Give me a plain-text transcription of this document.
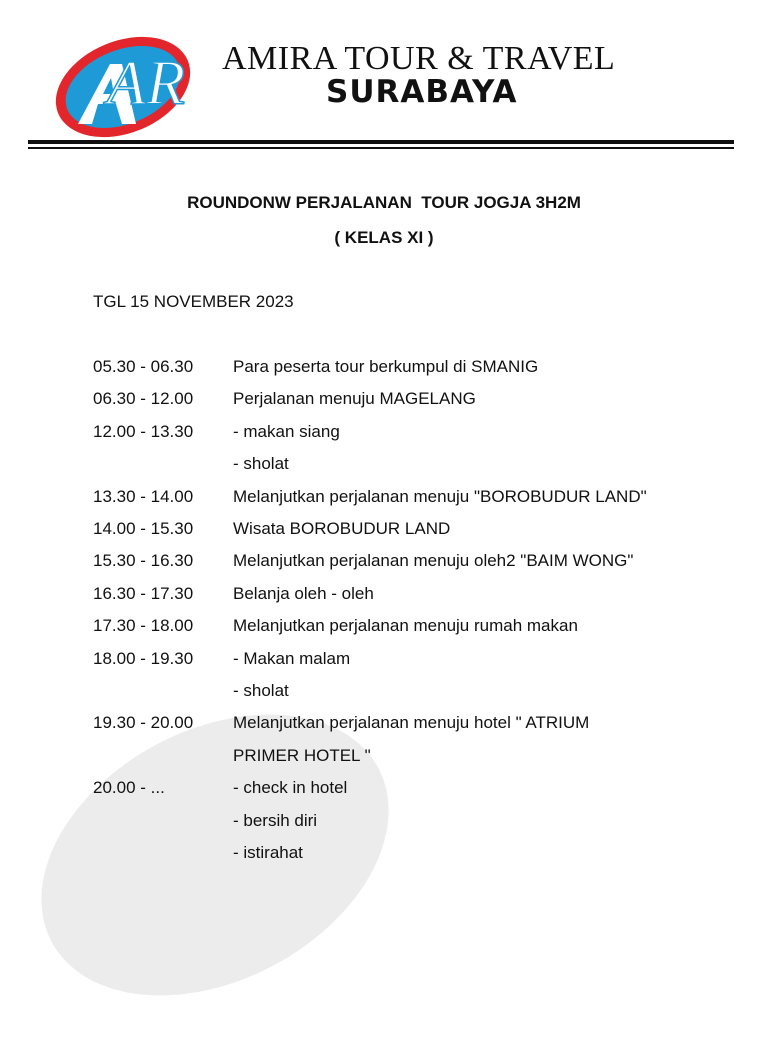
AR AMIRA TOUR & TRAVEL
SURABAYA
ROUNDONW PERJALANAN  TOUR JOGJA 3H2M
( KELAS XI )
TGL 15 NOVEMBER 2023
05.30 - 06.30 Para peserta tour berkumpul di SMANIG
06.30 - 12.00 Perjalanan menuju MAGELANG
12.00 - 13.30 - makan siang
- sholat
13.30 - 14.00 Melanjutkan perjalanan menuju "BOROBUDUR LAND"
14.00 - 15.30 Wisata BOROBUDUR LAND
15.30 - 16.30 Melanjutkan perjalanan menuju oleh2 "BAIM WONG"
16.30 - 17.30 Belanja oleh - oleh
17.30 - 18.00 Melanjutkan perjalanan menuju rumah makan
18.00 - 19.30 - Makan malam
- sholat
19.30 - 20.00 Melanjutkan perjalanan menuju hotel " ATRIUM
PRIMER HOTEL "
20.00 - ...	- check in hotel
- bersih diri
- istirahat
